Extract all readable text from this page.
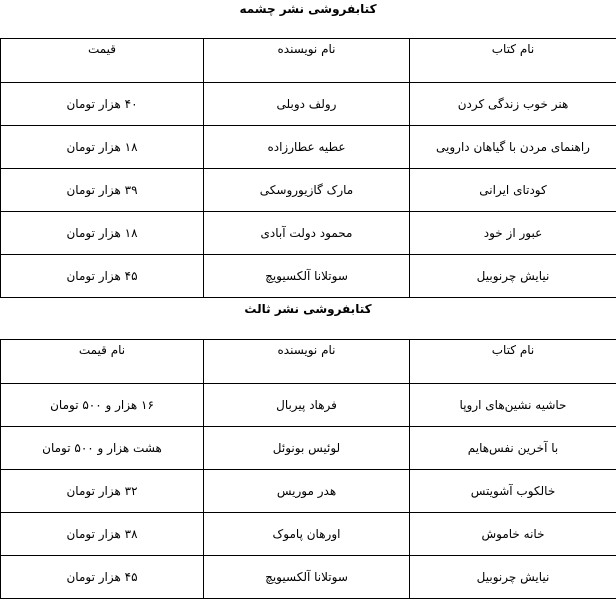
کتابفروشی نشر چشمه
نام کتاب	نام نویسنده	قیمت
هنر خوب زندگی کردن	رولف دوبلی	۴۰ هزار تومان
راهنمای مردن با گیاهان دارویی	عطیه عطارزاده	۱۸ هزار تومان
کودتای ایرانی	مارک گازیوروسکی	۳۹ هزار تومان
عبور از خود	محمود دولت آبادی	۱۸ هزار تومان
نیایش چرنوبیل	سوتلانا آلکسیویچ	۴۵ هزار تومان
کتابفروشی نشر ثالث
نام کتاب	نام نویسنده	نام قیمت
حاشیه نشین‌های اروپا	فرهاد پیربال	۱۶ هزار و ۵۰۰ تومان
با آخرین نفس‌هایم	لوئیس بونوئل	هشت هزار و ۵۰۰ تومان
خالکوب آشویتس	هدر موریس	۳۲ هزار تومان
خانه خاموش	اورهان پاموک	۳۸ هزار تومان
نیایش چرنوبیل	سوتلانا آلکسیویچ	۴۵ هزار تومان
